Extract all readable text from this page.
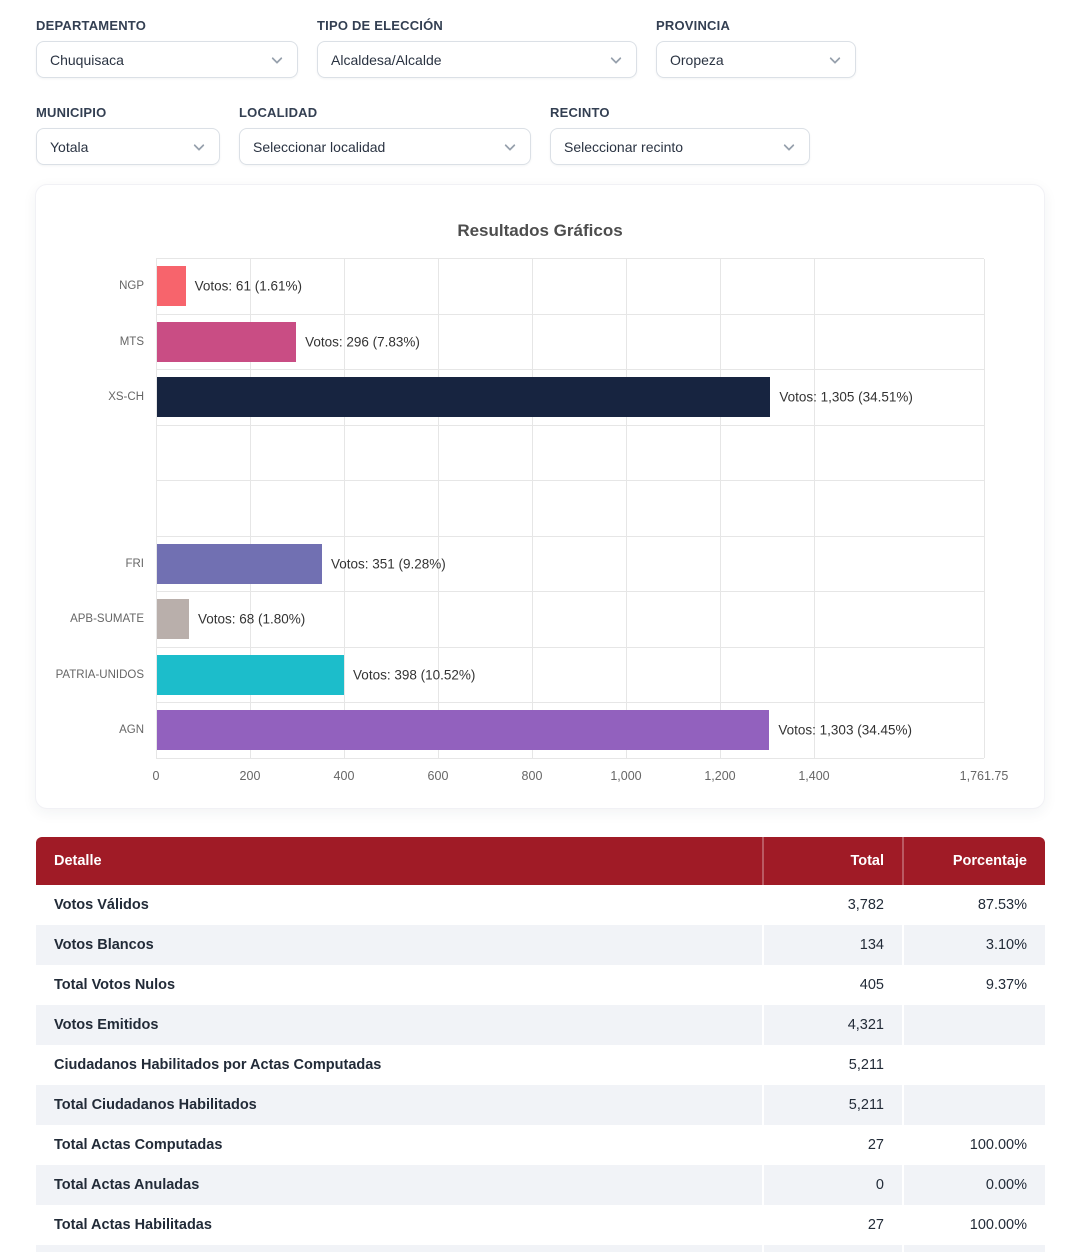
DEPARTAMENTO
Chuquisaca
TIPO DE ELECCIÓN
Alcaldesa/Alcalde
PROVINCIA
Oropeza
MUNICIPIO
Yotala
LOCALIDAD
Seleccionar localidad
RECINTO
Seleccionar recinto
Resultados Gráficos
NGP	Votos: 61 (1.61%)
MTS	Votos: 296 (7.83%)
XS-CH	Votos: 1,305 (34.51%)
FRI	Votos: 351 (9.28%)
APB-SUMATE	Votos: 68 (1.80%)
PATRIA-UNIDOS	Votos: 398 (10.52%)
AGN	Votos: 1,303 (34.45%)
0	200	400	600	800	1,000	1,200	1,400	1,761.75
Detalle	Total	Porcentaje
Votos Válidos	3,782	87.53%
Votos Blancos	134	3.10%
Total Votos Nulos	405	9.37%
Votos Emitidos	4,321
Ciudadanos Habilitados por Actas Computadas	5,211
Total Ciudadanos Habilitados	5,211
Total Actas Computadas	27	100.00%
Total Actas Anuladas	0	0.00%
Total Actas Habilitadas	27	100.00%
